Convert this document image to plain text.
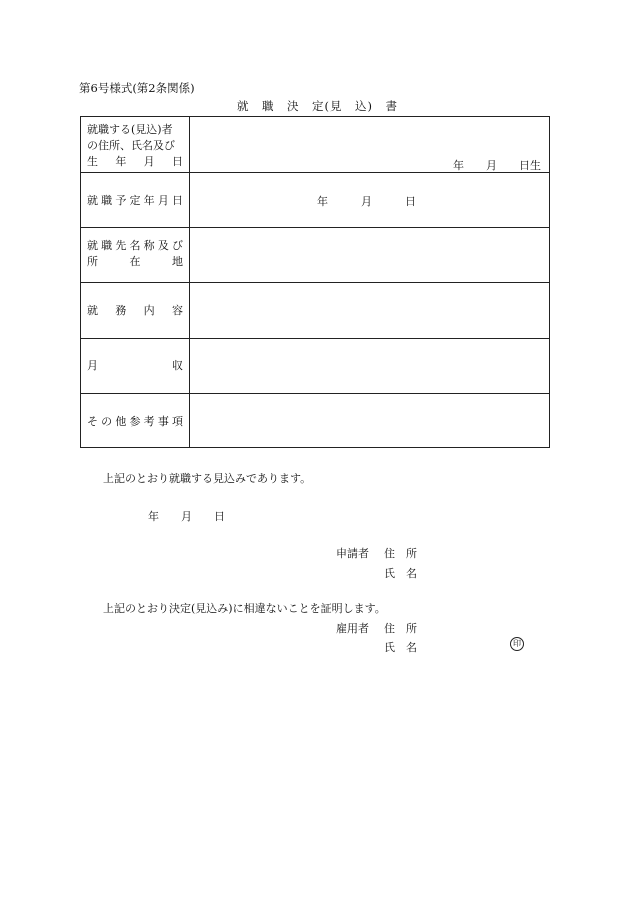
第6号様式(第2条関係)
就　職　決　定(見　込)　書
就職する(見込)者
の住所、氏名及び
生　年　月　日	年　　月　　日生
就職予定年月日	年　　　月　　　日
就職先名称及び
所　　在　　地
就　務　内　容
月　　　　　収
その他参考事項
上記のとおり就職する見込みであります。
年　　月　　日
申請者 住　所
氏　名
上記のとおり決定(見込み)に相違ないことを証明します。
雇用者 住　所
氏　名	印
